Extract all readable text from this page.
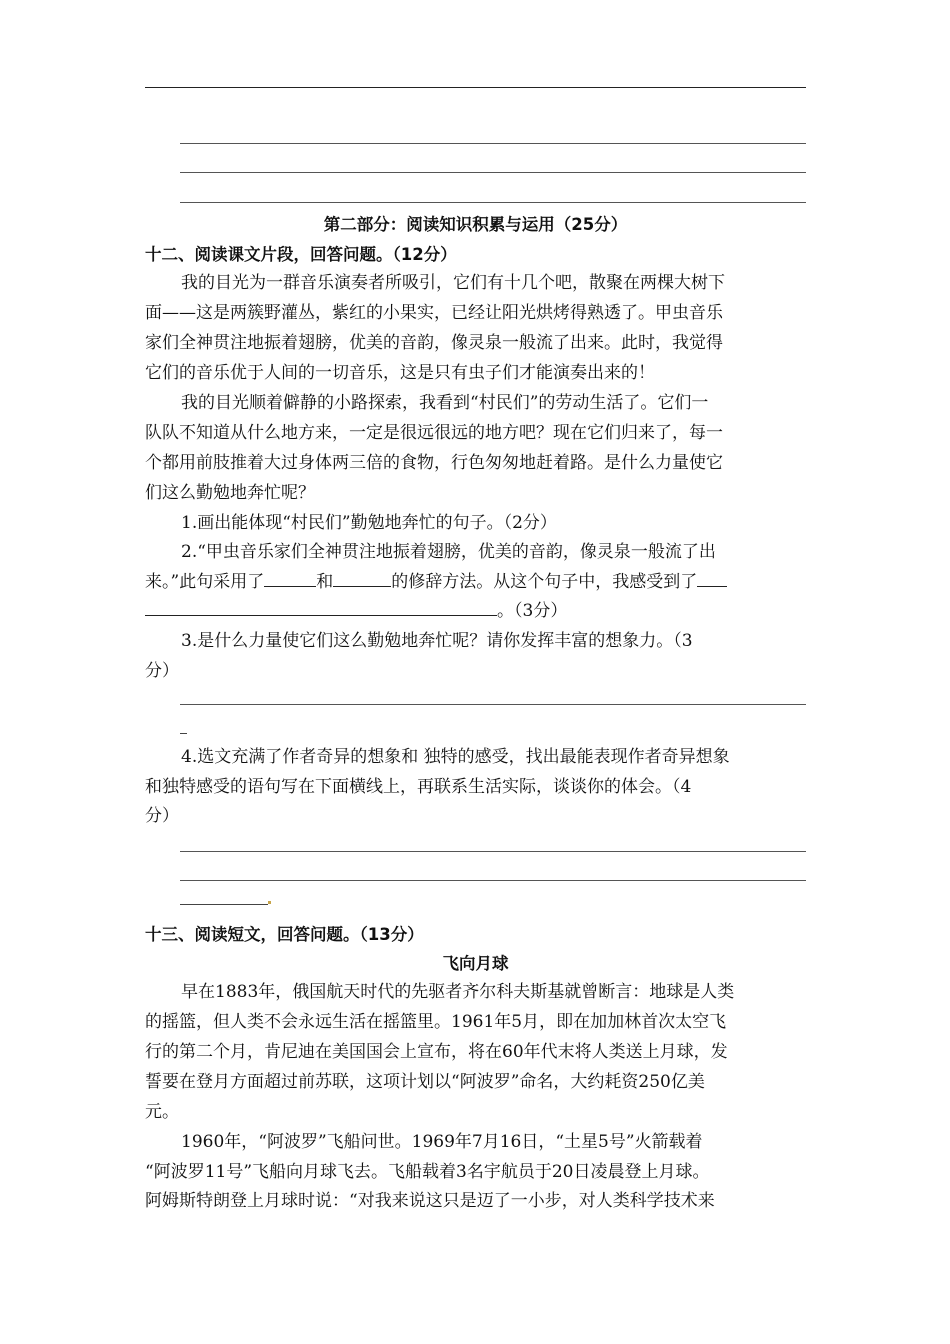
第二部分：阅读知识积累与运用（25分）
十二、阅读课文片段，回答问题。（12分）
我的目光为一群音乐演奏者所吸引，它们有十几个吧，散聚在两棵大树下
面——这是两簇野灌丛，紫红的小果实，已经让阳光烘烤得熟透了。甲虫音乐
家们全神贯注地振着翅膀，优美的音韵，像灵泉一般流了出来。此时，我觉得
它们的音乐优于人间的一切音乐，这是只有虫子们才能演奏出来的！
我的目光顺着僻静的小路探索，我看到“村民们”的劳动生活了。它们一
队队不知道从什么地方来，一定是很远很远的地方吧？现在它们归来了，每一
个都用前肢推着大过身体两三倍的食物，行色匆匆地赶着路。是什么力量使它
们这么勤勉地奔忙呢？
1.画出能体现“村民们”勤勉地奔忙的句子。（2分）
2.“甲虫音乐家们全神贯注地振着翅膀，优美的音韵，像灵泉一般流了出
来。”此句采用了	和	的修辞方法。从这个句子中，我感受到了
。（3分）
3.是什么力量使它们这么勤勉地奔忙呢？请你发挥丰富的想象力。（3
分）
4.选文充满了作者奇异的想象和 独特的感受，找出最能表现作者奇异想象
和独特感受的语句写在下面横线上，再联系生活实际，谈谈你的体会。（4
分）
十三、阅读短文，回答问题。（13分）
飞向月球
早在1883年，俄国航天时代的先驱者齐尔科夫斯基就曾断言：地球是人类
的摇篮，但人类不会永远生活在摇篮里。1961年5月，即在加加林首次太空飞
行的第二个月，肯尼迪在美国国会上宣布，将在60年代末将人类送上月球，发
誓要在登月方面超过前苏联，这项计划以“阿波罗”命名，大约耗资250亿美
元。
1960年，“阿波罗”飞船问世。1969年7月16日，“土星5号”火箭载着
“阿波罗11号”飞船向月球飞去。飞船载着3名宇航员于20日凌晨登上月球。
阿姆斯特朗登上月球时说：“对我来说这只是迈了一小步，对人类科学技术来
